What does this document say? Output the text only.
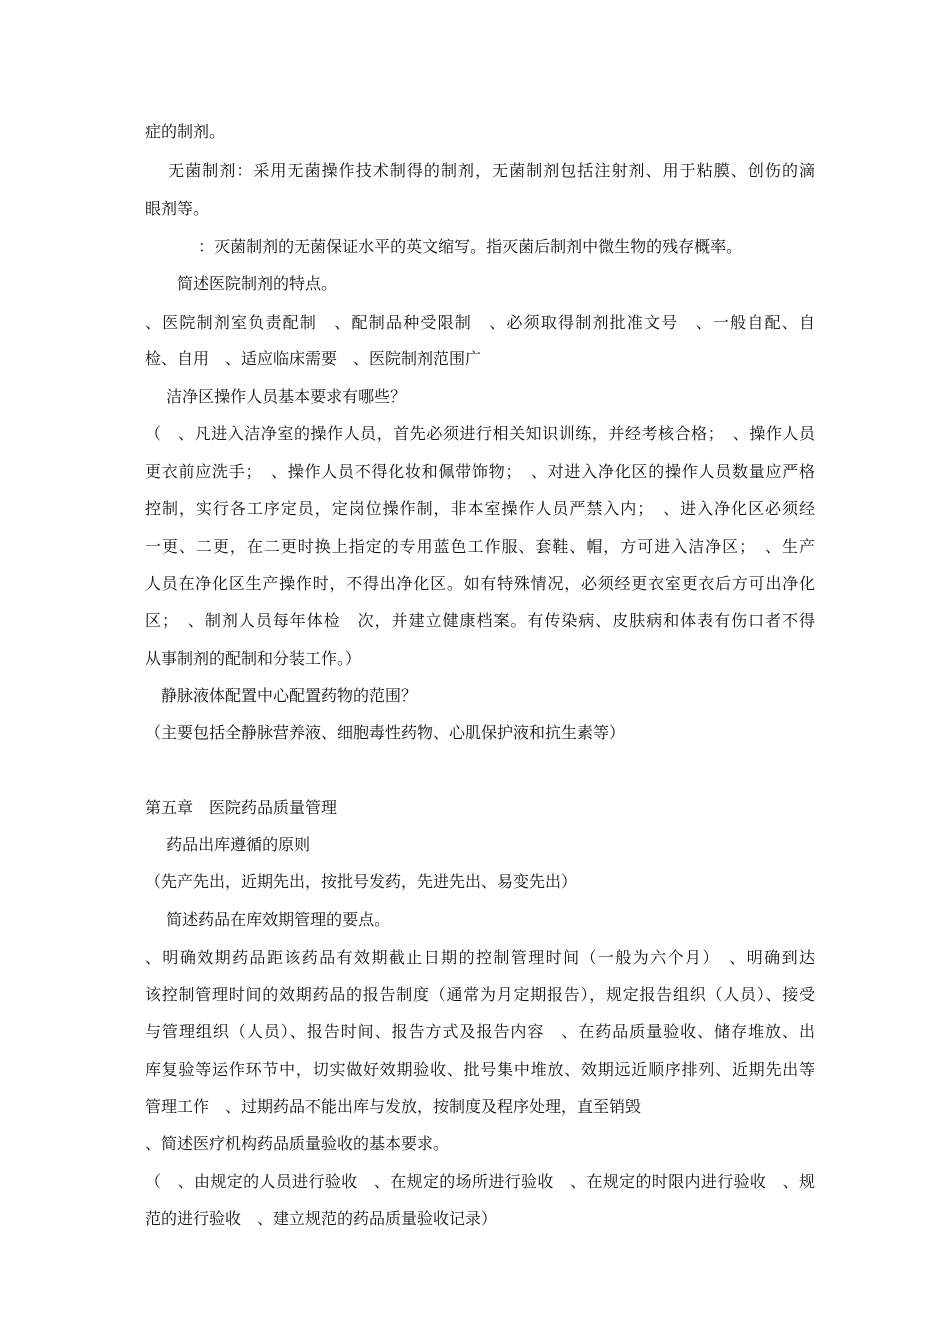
症的制剂。
　 无菌制剂：采用无菌操作技术制得的制剂，无菌制剂包括注射剂、用于粘膜、创伤的滴
眼剂等。
　　　 ：灭菌制剂的无菌保证水平的英文缩写。指灭菌后制剂中微生物的残存概率。
　　简述医院制剂的特点。
、医院制剂室负责配制　、配制品种受限制　、必须取得制剂批准文号　、一般自配、自
检、自用　、适应临床需要　、医院制剂范围广
　 洁净区操作人员基本要求有哪些？
（　、凡进入洁净室的操作人员，首先必须进行相关知识训练，并经考核合格；　、操作人员
更衣前应洗手；　、操作人员不得化妆和佩带饰物；　、对进入净化区的操作人员数量应严格
控制，实行各工序定员，定岗位操作制，非本室操作人员严禁入内；　、进入净化区必须经
一更、二更，在二更时换上指定的专用蓝色工作服、套鞋、帽，方可进入洁净区；　、生产
人员在净化区生产操作时，不得出净化区。如有特殊情况，必须经更衣室更衣后方可出净化
区；　、制剂人员每年体检　次，并建立健康档案。有传染病、皮肤病和体表有伤口者不得
从事制剂的配制和分装工作。）
　静脉液体配置中心配置药物的范围？
（主要包括全静脉营养液、细胞毒性药物、心肌保护液和抗生素等）
第五章　医院药品质量管理
　 药品出库遵循的原则
（先产先出，近期先出，按批号发药，先进先出、易变先出）
　 简述药品在库效期管理的要点。
、明确效期药品距该药品有效期截止日期的控制管理时间（一般为六个月）　、明确到达
该控制管理时间的效期药品的报告制度（通常为月定期报告），规定报告组织（人员）、接受
与管理组织（人员）、报告时间、报告方式及报告内容　、在药品质量验收、储存堆放、出
库复验等运作环节中，切实做好效期验收、批号集中堆放、效期远近顺序排列、近期先出等
管理工作　、过期药品不能出库与发放，按制度及程序处理，直至销毁
、简述医疗机构药品质量验收的基本要求。
（　、由规定的人员进行验收　、在规定的场所进行验收　、在规定的时限内进行验收　、规
范的进行验收　、建立规范的药品质量验收记录）
